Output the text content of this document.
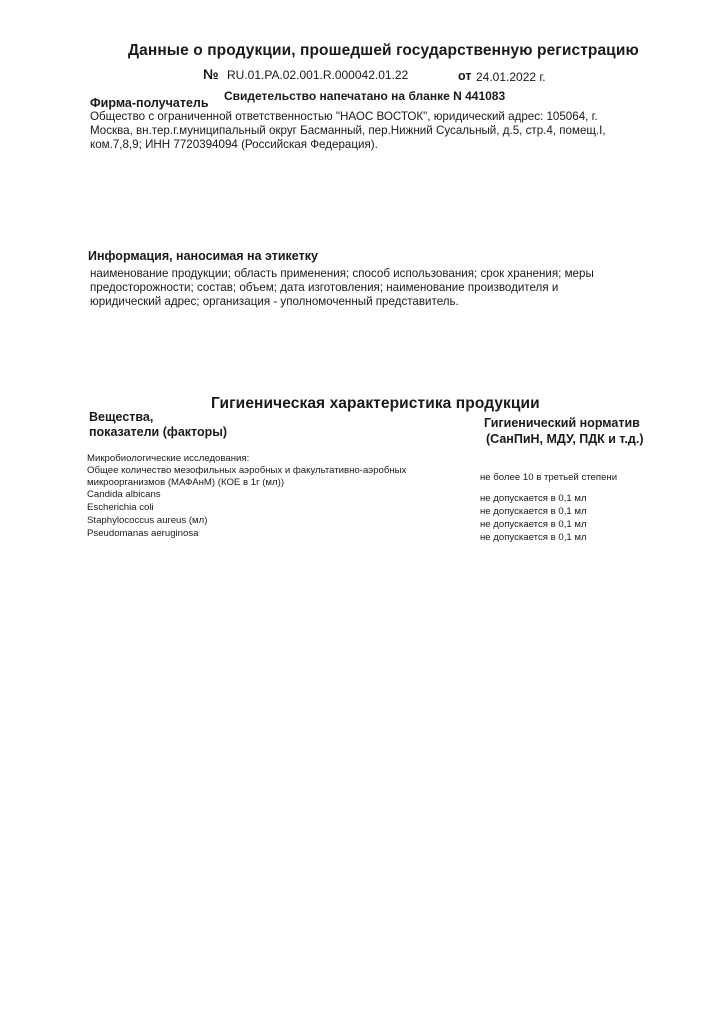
Данные о продукции, прошедшей государственную регистрацию
№ RU.01.PA.02.001.R.000042.01.22	от 24.01.2022 г.
Свидетельство напечатано на бланке N 441083
Фирма-получатель

Общество с ограниченной ответственностью "НАОС ВОСТОК", юридический адрес: 105064, г. Москва, вн.тер.г.муниципальный округ Басманный, пер.Нижний Сусальный, д.5, стр.4, помещ.I, ком.7,8,9; ИНН 7720394094 (Российская Федерация).

Информация, наносимая на этикетку

наименование продукции; область применения; способ использования; срок хранения; меры предосторожности; состав; объем; дата изготовления; наименование производителя и юридический адрес; организация - уполномоченный представитель.

Гигиеническая характеристика продукции
Вещества,
показатели (факторы)
Гигиенический норматив
(СанПиН, МДУ, ПДК и т.д.)
Микробиологические исследования:

Общее количество мезофильных аэробных и факультативно-аэробных микроорганизмов (МАФАнМ) (КОЕ в 1г (мл))	не более 10 в третьей степени
Candida albicans	не допускается в 0,1 мл
Escherichia coli	не допускается в 0,1 мл
Staphylococcus aureus (мл)	не допускается в 0,1 мл
Pseudomanas aeruginosa	не допускается в 0,1 мл
